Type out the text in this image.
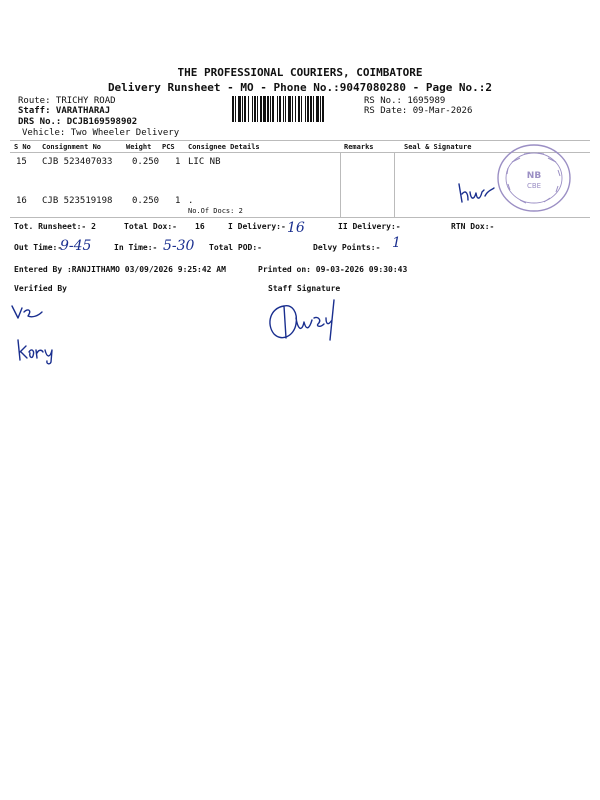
THE PROFESSIONAL COURIERS, COIMBATORE
Delivery Runsheet - MO - Phone No.:9047080280 - Page No.:2
Route: TRICHY ROAD
Staff: VARATHARAJ
DRS No.: DCJB169598902
Vehicle: Two Wheeler Delivery
RS No.: 1695989
RS Date: 09-Mar-2026
S No Consignment No	Weight PCS Consignee Details	Remarks	Seal & Signature
15 CJB 523407033 0.250 1 LIC NB
16 CJB 523519198 0.250 1 .
No.Of Docs: 2
NB
CBE
Tot. Runsheet:- 2	Total Dox:- 16	I Delivery:- 16	II Delivery:-	RTN Dox:-
Out Time:-
9-45	In Time:- 5-30 Total POD:-	Delvy Points:- 1
Entered By :RANJITHAMO 03/09/2026 9:25:42 AM	Printed on: 09-03-2026 09:30:43
Verified By	Staff Signature
